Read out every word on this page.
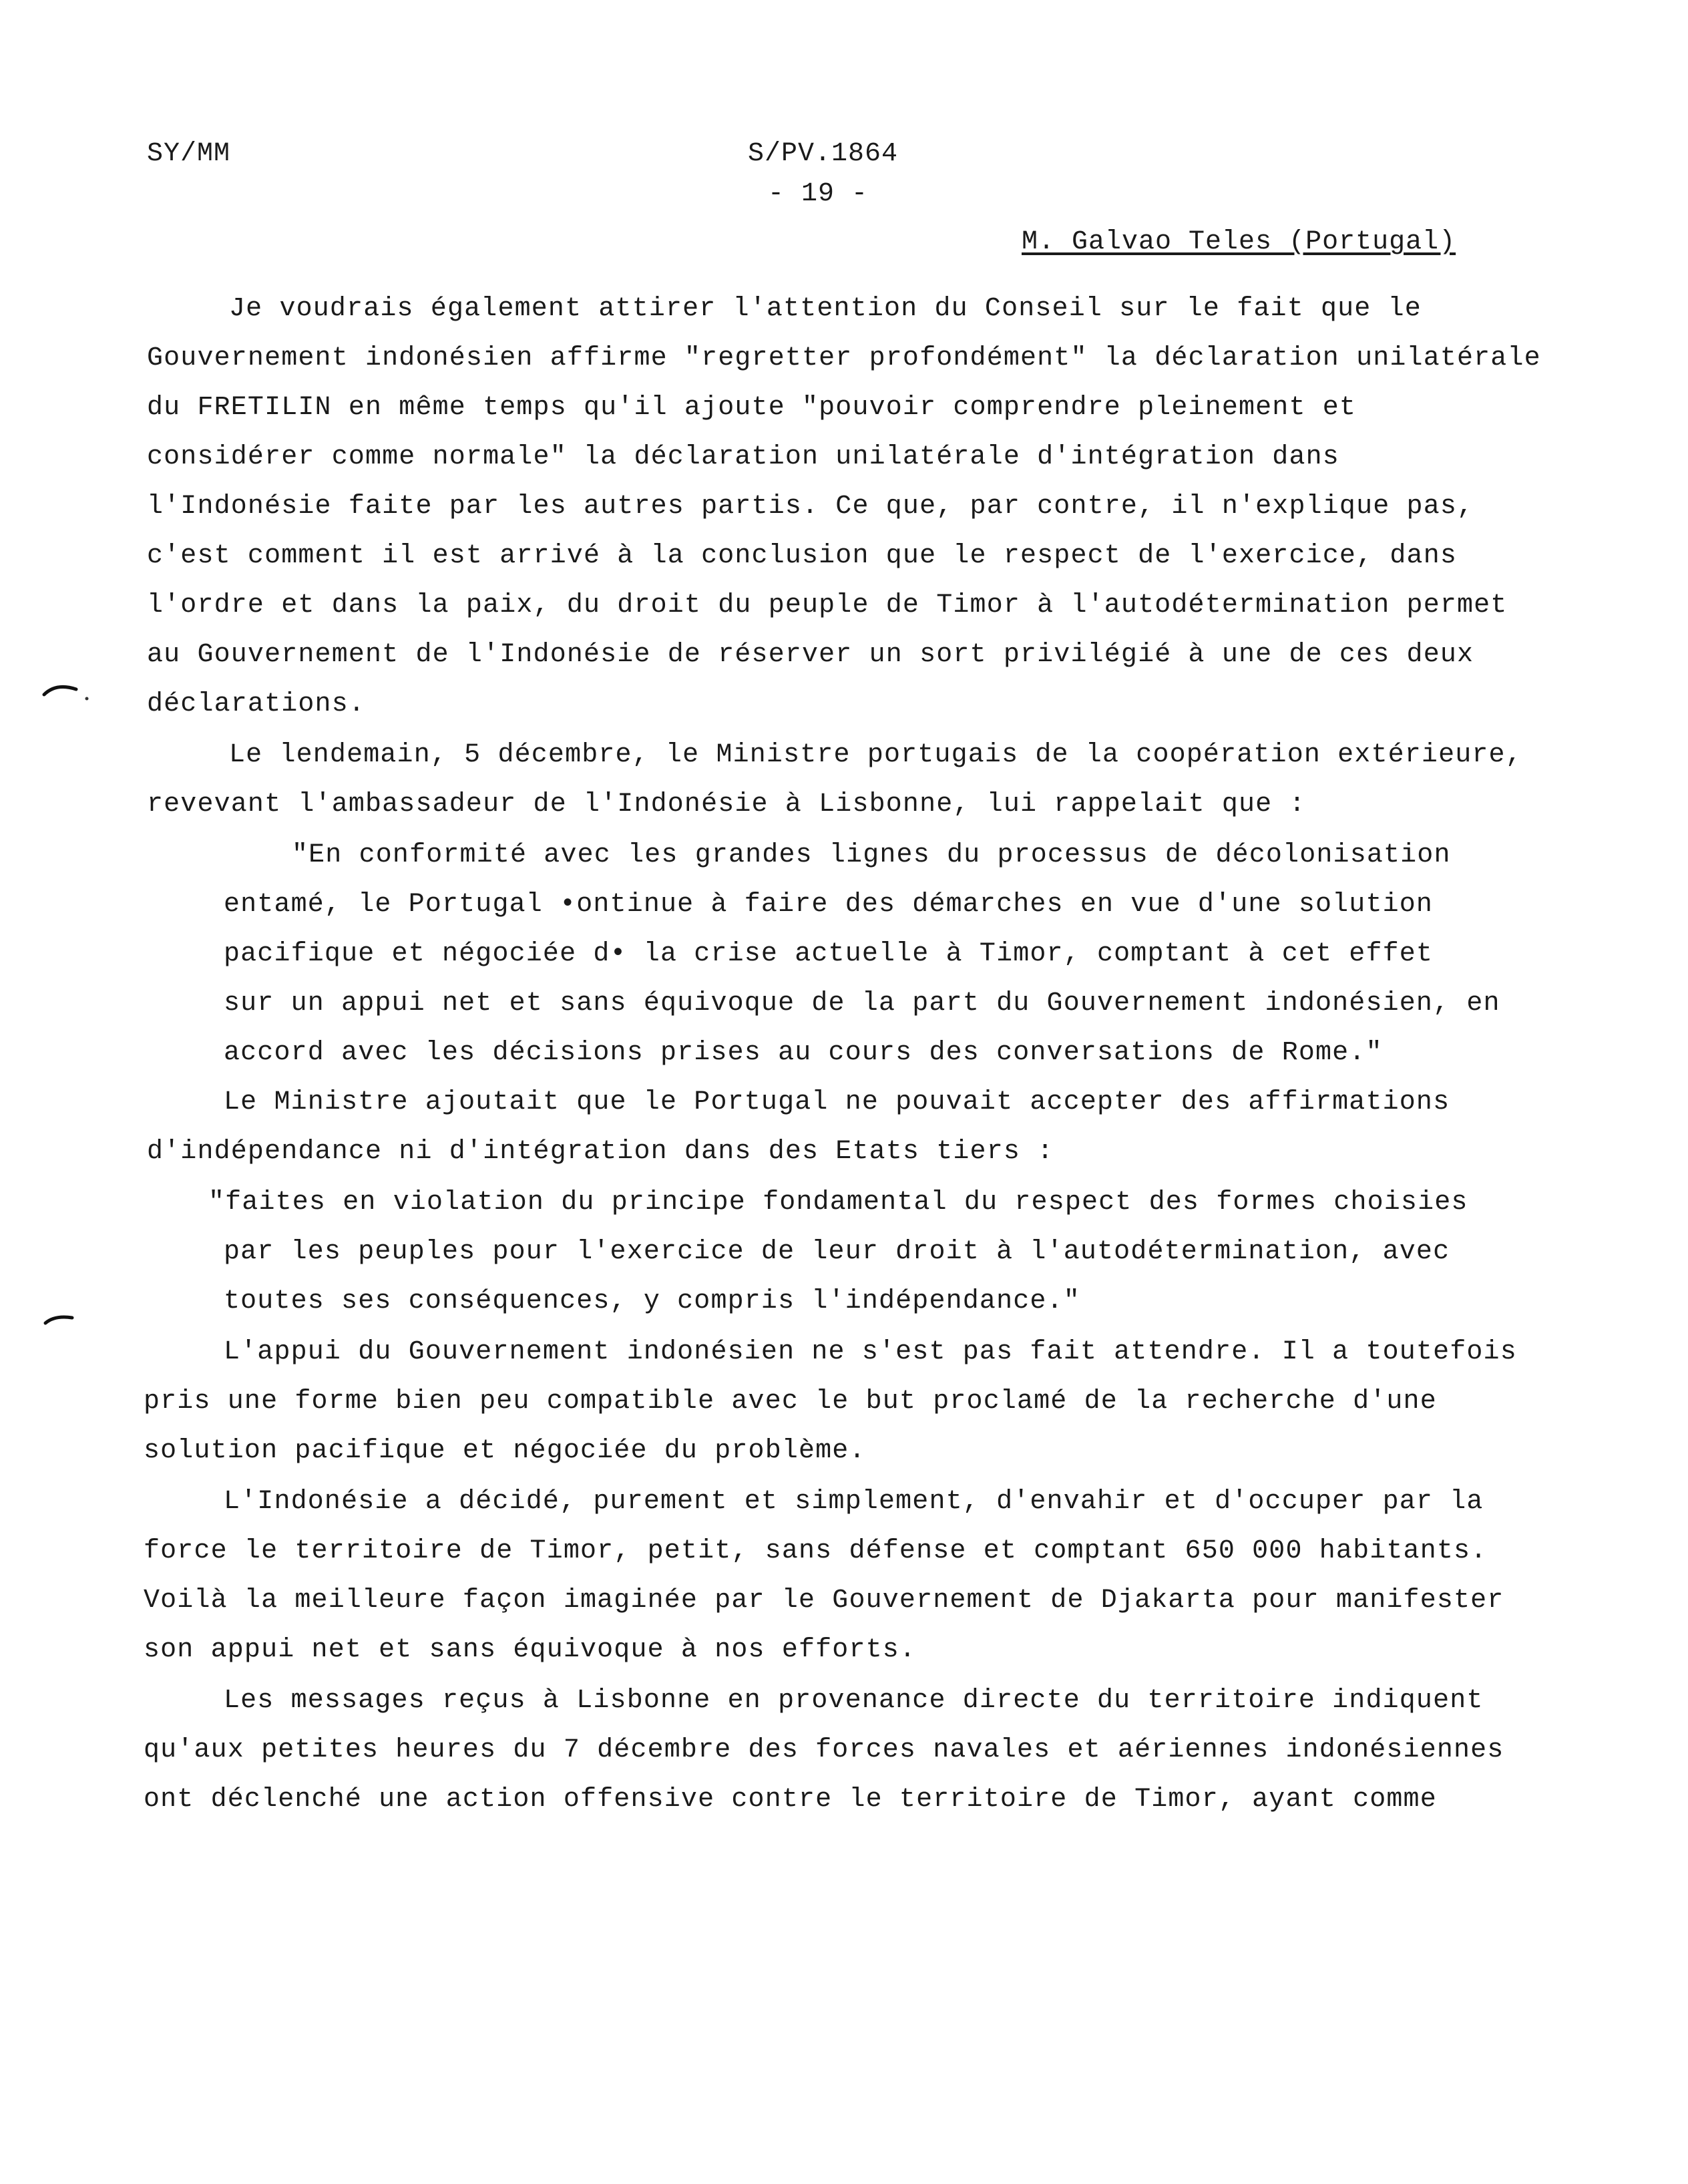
SY/MM	S/PV.1864
- 19 -
M. Galvao Teles (Portugal)
Je voudrais également attirer l'attention du Conseil sur le fait que le
Gouvernement indonésien affirme "regretter profondément" la déclaration unilatérale
du FRETILIN en même temps qu'il ajoute "pouvoir comprendre pleinement et
considérer comme normale" la déclaration unilatérale d'intégration dans
l'Indonésie faite par les autres partis. Ce que, par contre, il n'explique pas,
c'est comment il est arrivé à la conclusion que le respect de l'exercice, dans
l'ordre et dans la paix, du droit du peuple de Timor à l'autodétermination permet
au Gouvernement de l'Indonésie de réserver un sort privilégié à une de ces deux
déclarations.
Le lendemain, 5 décembre, le Ministre portugais de la coopération extérieure,
revevant l'ambassadeur de l'Indonésie à Lisbonne, lui rappelait que :
"En conformité avec les grandes lignes du processus de décolonisation
entamé, le Portugal •ontinue à faire des démarches en vue d'une solution
pacifique et négociée d• la crise actuelle à Timor, comptant à cet effet
sur un appui net et sans équivoque de la part du Gouvernement indonésien, en
accord avec les décisions prises au cours des conversations de Rome."
Le Ministre ajoutait que le Portugal ne pouvait accepter des affirmations
d'indépendance ni d'intégration dans des Etats tiers :
"faites en violation du principe fondamental du respect des formes choisies
par les peuples pour l'exercice de leur droit à l'autodétermination, avec
toutes ses conséquences, y compris l'indépendance."
L'appui du Gouvernement indonésien ne s'est pas fait attendre. Il a toutefois
pris une forme bien peu compatible avec le but proclamé de la recherche d'une
solution pacifique et négociée du problème.
L'Indonésie a décidé, purement et simplement, d'envahir et d'occuper par la
force le territoire de Timor, petit, sans défense et comptant 650 000 habitants.
Voilà la meilleure façon imaginée par le Gouvernement de Djakarta pour manifester
son appui net et sans équivoque à nos efforts.
Les messages reçus à Lisbonne en provenance directe du territoire indiquent
qu'aux petites heures du 7 décembre des forces navales et aériennes indonésiennes
ont déclenché une action offensive contre le territoire de Timor, ayant comme
